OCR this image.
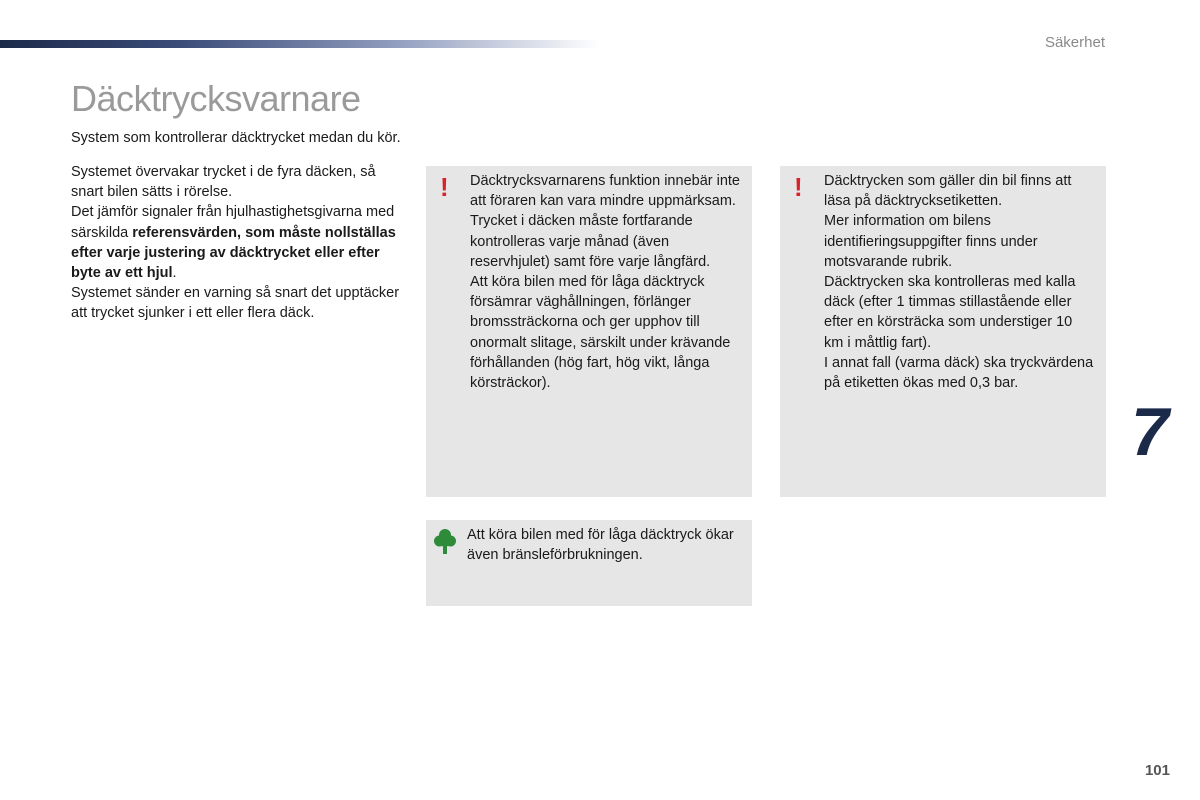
Säkerhet
Däcktrycksvarnare
System som kontrollerar däcktrycket medan du kör.

Systemet övervakar trycket i de fyra däcken, så snart bilen sätts i rörelse.

Det jämför signaler från hjulhastighetsgivarna med särskilda referensvärden, som måste nollställas efter varje justering av däcktrycket eller efter byte av ett hjul.

Systemet sänder en varning så snart det upptäcker att trycket sjunker i ett eller flera däck.

! Däcktrycksvarnarens funktion innebär inte att föraren kan vara mindre uppmärksam.

Trycket i däcken måste fortfarande kontrolleras varje månad (även reservhjulet) samt före varje långfärd.

Att köra bilen med för låga däcktryck försämrar väghållningen, förlänger bromssträckorna och ger upphov till onormalt slitage, särskilt under krävande förhållanden (hög fart, hög vikt, långa körsträckor).

! Däcktrycken som gäller din bil finns att läsa på däcktrycksetiketten.

Mer information om bilens identifieringsuppgifter finns under motsvarande rubrik.

Däcktrycken ska kontrolleras med kalla däck (efter 1 timmas stillastående eller efter en körsträcka som understiger 10 km i måttlig fart).

I annat fall (varma däck) ska tryckvärdena på etiketten ökas med 0,3 bar.

Att köra bilen med för låga däcktryck ökar även bränsleförbrukningen.
7
101
